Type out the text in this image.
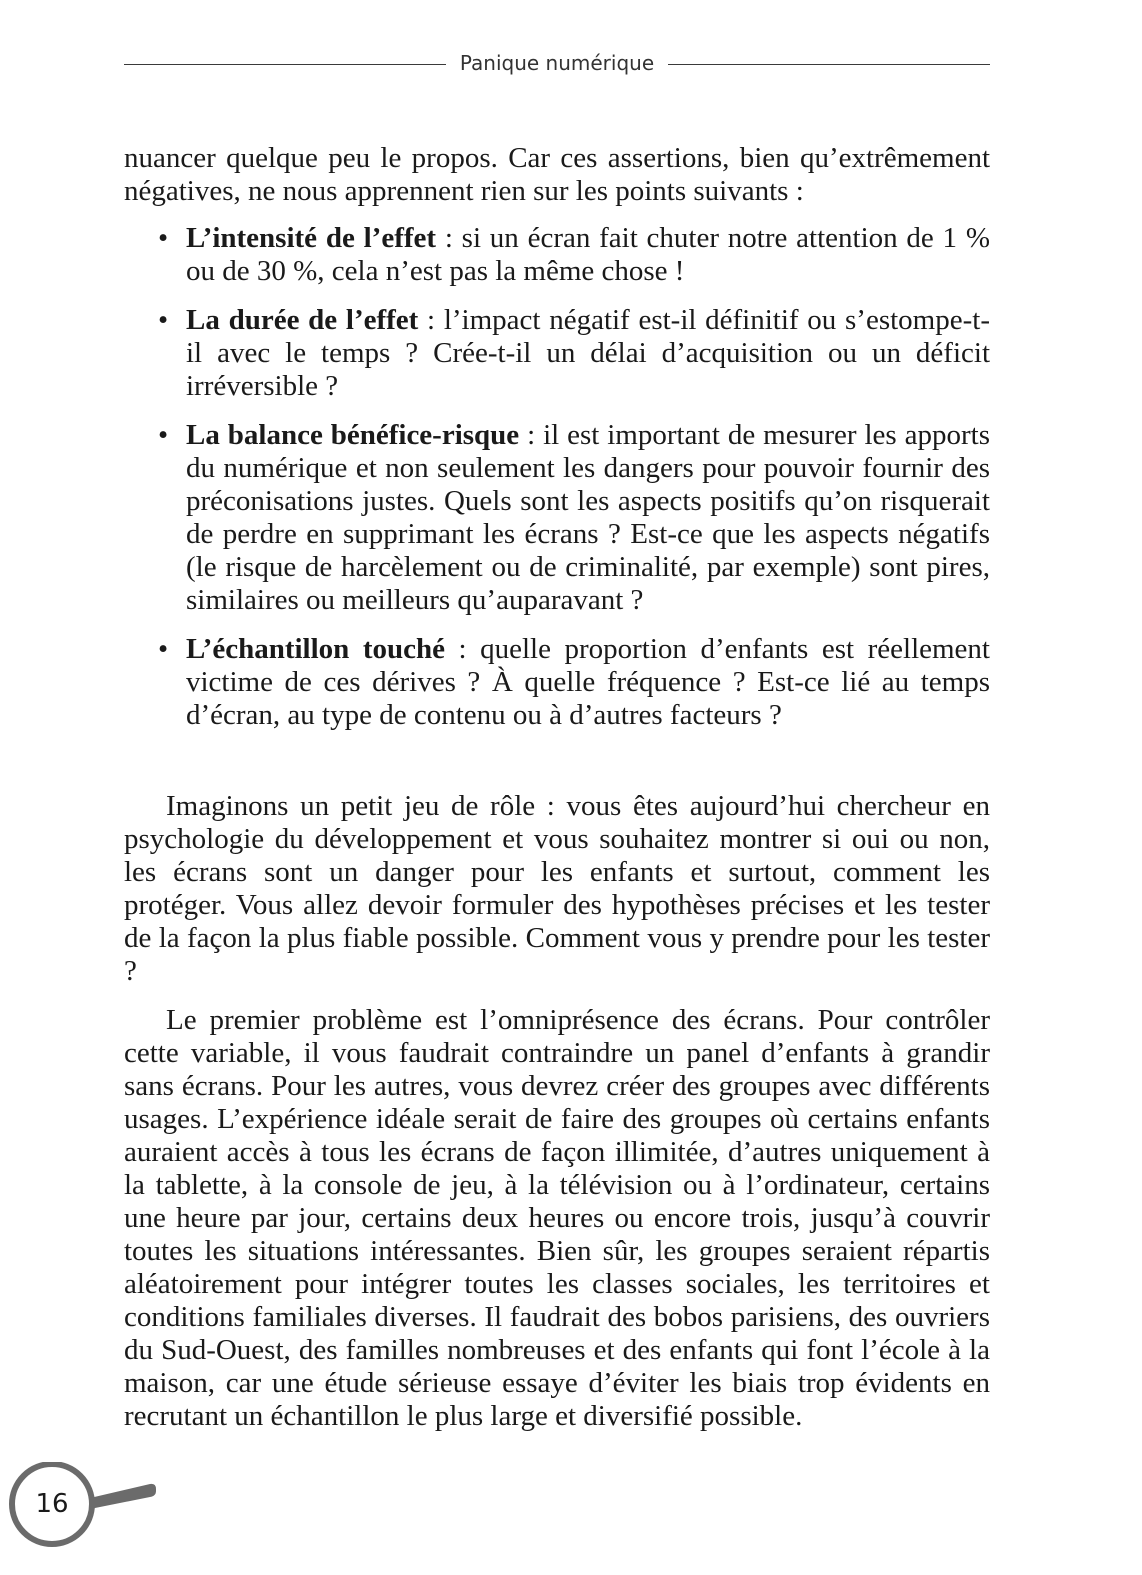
Panique numérique

nuancer quelque peu le propos. Car ces assertions, bien qu’extrêmement négatives, ne nous apprennent rien sur les points suivants :

• L’intensité de l’effet : si un écran fait chuter notre attention de 1 % ou de 30 %, cela n’est pas la même chose !
• La durée de l’effet : l’impact négatif est-il définitif ou s’estompe-t-il avec le temps ? Crée-t-il un délai d’acquisition ou un déficit irréversible ?
• La balance bénéfice-risque : il est important de mesurer les apports du numérique et non seulement les dangers pour pouvoir fournir des préconisations justes. Quels sont les aspects positifs qu’on risquerait de perdre en supprimant les écrans ? Est-ce que les aspects négatifs (le risque de harcèlement ou de criminalité, par exemple) sont pires, similaires ou meilleurs qu’auparavant ?
• L’échantillon touché : quelle proportion d’enfants est réellement victime de ces dérives ? À quelle fréquence ? Est-ce lié au temps d’écran, au type de contenu ou à d’autres facteurs ?

Imaginons un petit jeu de rôle : vous êtes aujourd’hui chercheur en psychologie du développement et vous souhaitez montrer si oui ou non, les écrans sont un danger pour les enfants et surtout, comment les protéger. Vous allez devoir formuler des hypothèses précises et les tester de la façon la plus fiable possible. Comment vous y prendre pour les tester ?

Le premier problème est l’omniprésence des écrans. Pour contrôler cette variable, il vous faudrait contraindre un panel d’enfants à grandir sans écrans. Pour les autres, vous devrez créer des groupes avec différents usages. L’expérience idéale serait de faire des groupes où certains enfants auraient accès à tous les écrans de façon illimitée, d’autres uniquement à la tablette, à la console de jeu, à la télévision ou à l’ordinateur, certains une heure par jour, certains deux heures ou encore trois, jusqu’à couvrir toutes les situations intéressantes. Bien sûr, les groupes seraient répartis aléatoirement pour intégrer toutes les classes sociales, les territoires et conditions familiales diverses. Il faudrait des bobos parisiens, des ouvriers du Sud-Ouest, des familles nombreuses et des enfants qui font l’école à la maison, car une étude sérieuse essaye d’éviter les biais trop évidents en recrutant un échantillon le plus large et diversifié possible.

16
